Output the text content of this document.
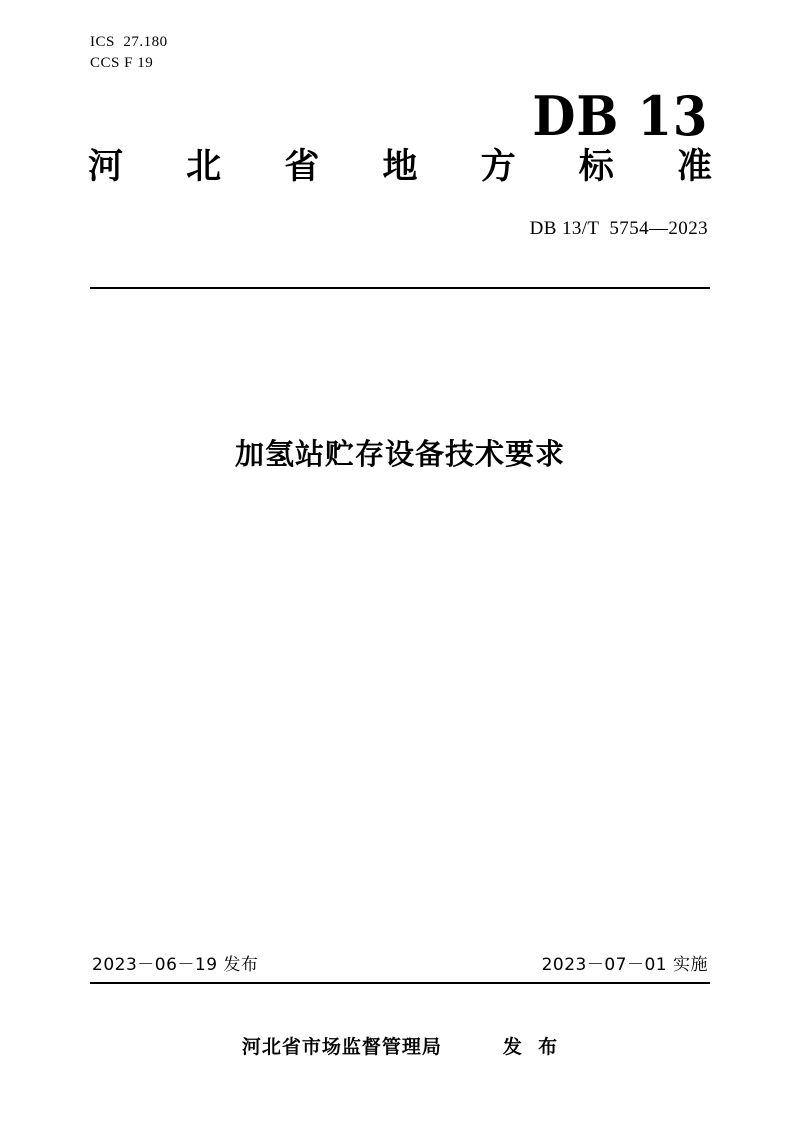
ICS  27.180
CCS F 19
DB 13
河 北 省 地 方 标 准
DB 13/T  5754—2023
加氢站贮存设备技术要求
2023－06－19 发布	2023－07－01 实施
河北省市场监督管理局        发  布
